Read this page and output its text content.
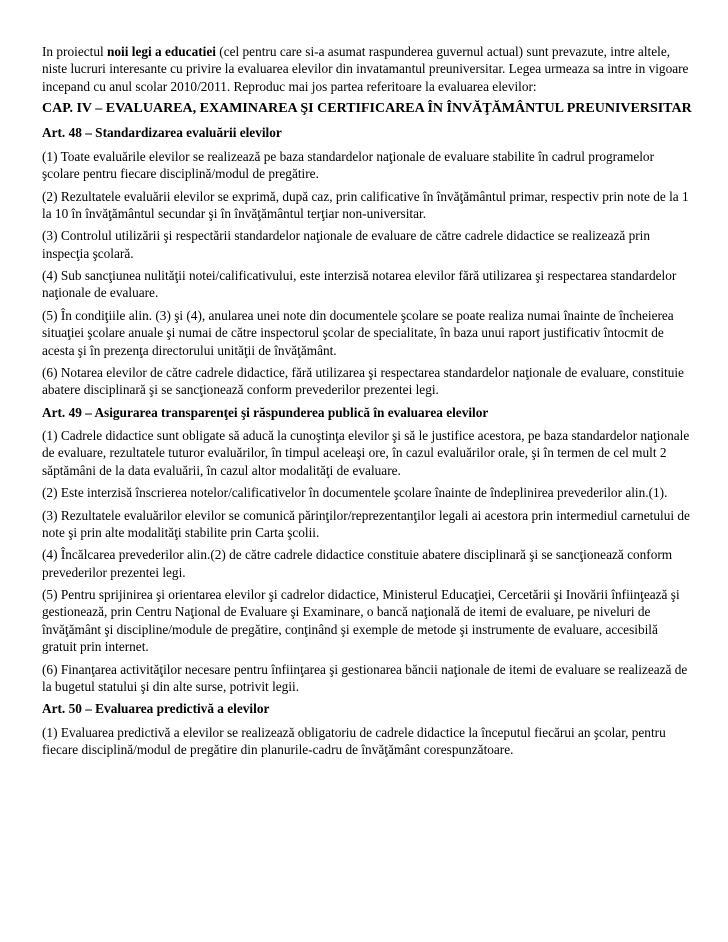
In proiectul noii legi a educatiei (cel pentru care si-a asumat raspunderea guvernul actual) sunt prevazute, intre altele, niste lucruri interesante cu privire la evaluarea elevilor din invatamantul preuniversitar. Legea urmeaza sa intre in vigoare incepand cu anul scolar 2010/2011. Reproduc mai jos partea referitoare la evaluarea elevilor:

CAP. IV – EVALUAREA, EXAMINAREA ŞI CERTIFICAREA ÎN ÎNVĂŢĂMÂNTUL PREUNIVERSITAR

Art. 48 – Standardizarea evaluării elevilor

(1) Toate evaluările elevilor se realizează pe baza standardelor naţionale de evaluare stabilite în cadrul programelor şcolare pentru fiecare disciplină/modul de pregătire.

(2) Rezultatele evaluării elevilor se exprimă, după caz, prin calificative în învăţământul primar, respectiv prin note de la 1 la 10 în învăţământul secundar şi în învăţământul terţiar non-universitar.

(3) Controlul utilizării şi respectării standardelor naţionale de evaluare de către cadrele didactice se realizează prin inspecţia şcolară.

(4) Sub sancţiunea nulităţii notei/calificativului, este interzisă notarea elevilor fără utilizarea şi respectarea standardelor naţionale de evaluare.

(5) În condiţiile alin. (3) şi (4), anularea unei note din documentele şcolare se poate realiza numai înainte de încheierea situaţiei şcolare anuale şi numai de către inspectorul şcolar de specialitate, în baza unui raport justificativ întocmit de acesta şi în prezenţa directorului unităţii de învăţământ.

(6) Notarea elevilor de către cadrele didactice, fără utilizarea şi respectarea standardelor naţionale de evaluare, constituie abatere disciplinară şi se sancţionează conform prevederilor prezentei legi.

Art. 49 – Asigurarea transparenţei şi răspunderea publică în evaluarea elevilor

(1) Cadrele didactice sunt obligate să aducă la cunoştinţa elevilor şi să le justifice acestora, pe baza standardelor naţionale de evaluare, rezultatele tuturor evaluărilor, în timpul aceleaşi ore, în cazul evaluărilor orale, şi în termen de cel mult 2 săptămâni de la data evaluării, în cazul altor modalităţi de evaluare.

(2) Este interzisă înscrierea notelor/calificativelor în documentele şcolare înainte de îndeplinirea prevederilor alin.(1).

(3) Rezultatele evaluărilor elevilor se comunică părinţilor/reprezentanţilor legali ai acestora prin intermediul carnetului de note şi prin alte modalităţi stabilite prin Carta şcolii.

(4) Încălcarea prevederilor alin.(2) de către cadrele didactice constituie abatere disciplinară şi se sancţionează conform prevederilor prezentei legi.

(5) Pentru sprijinirea şi orientarea elevilor şi cadrelor didactice, Ministerul Educaţiei, Cercetării şi Inovării înfiinţează şi gestionează, prin Centru Naţional de Evaluare şi Examinare, o bancă naţională de itemi de evaluare, pe niveluri de învăţământ şi discipline/module de pregătire, conţinând şi exemple de metode şi instrumente de evaluare, accesibilă gratuit prin internet.

(6) Finanţarea activităţilor necesare pentru înfiinţarea şi gestionarea băncii naţionale de itemi de evaluare se realizează de la bugetul statului şi din alte surse, potrivit legii.

Art. 50 – Evaluarea predictivă a elevilor

(1) Evaluarea predictivă a elevilor se realizează obligatoriu de cadrele didactice la începutul fiecărui an şcolar, pentru fiecare disciplină/modul de pregătire din planurile-cadru de învăţământ corespunzătoare.
